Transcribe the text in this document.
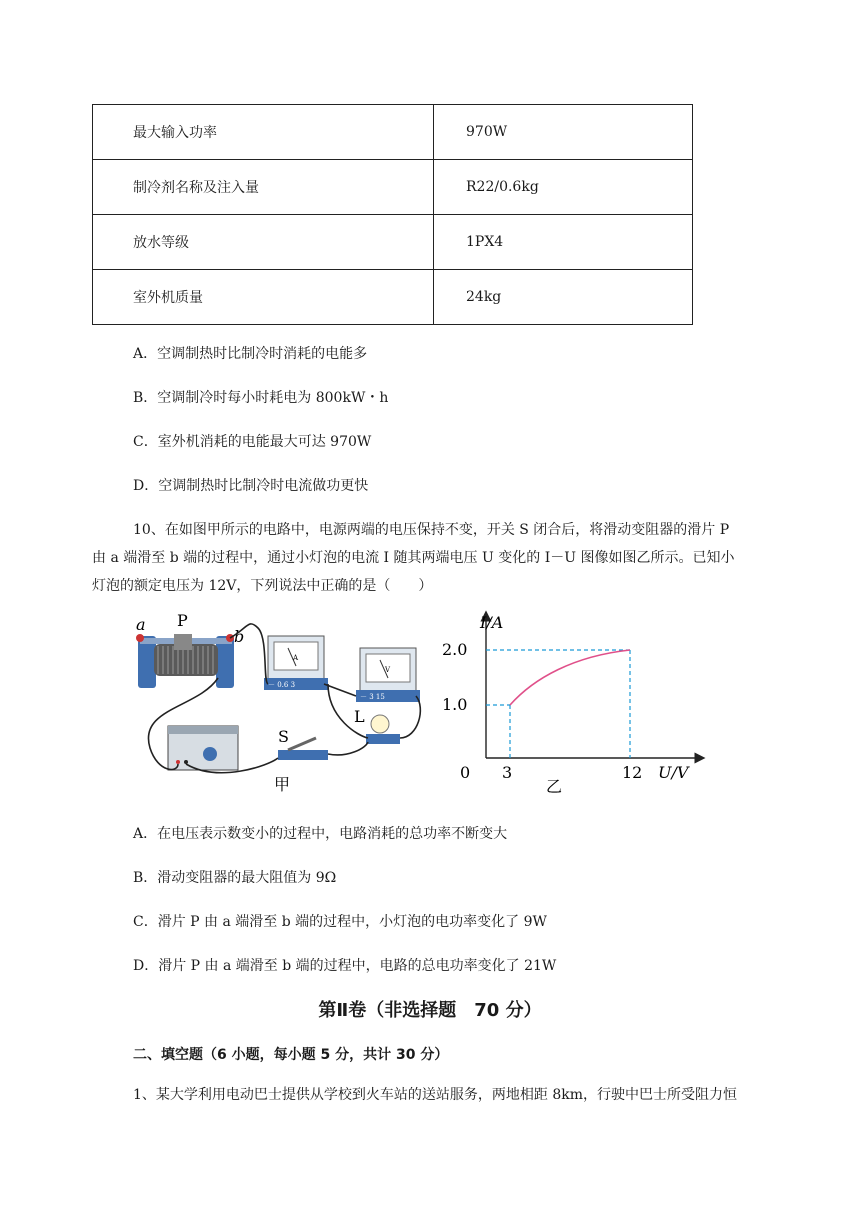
最大输入功率	970W
制冷剂名称及注入量	R22/0.6kg
放水等级	1PX4
室外机质量	24kg
A．空调制热时比制冷时消耗的电能多
B．空调制冷时每小时耗电为 800kW・h
C．室外机消耗的电能最大可达 970W
D．空调制热时比制冷时电流做功更快
10、在如图甲所示的电路中，电源两端的电压保持不变，开关 S 闭合后，将滑动变阻器的滑片 P
由 a 端滑至 b 端的过程中，通过小灯泡的电流 I 随其两端电压 U 变化的 I－U 图像如图乙所示。已知小
灯泡的额定电压为 12V，下列说法中正确的是（　　）
a P
b
A
－ 0.6 3
V
－ 3 15
L
S
甲
I/A
U/V
0 3	12
1.0
2.0
乙
A．在电压表示数变小的过程中，电路消耗的总功率不断变大
B．滑动变阻器的最大阻值为 9Ω
C．滑片 P 由 a 端滑至 b 端的过程中，小灯泡的电功率变化了 9W
D．滑片 P 由 a 端滑至 b 端的过程中，电路的总电功率变化了 21W
第Ⅱ卷（非选择题　70 分）
二、填空题（6 小题，每小题 5 分，共计 30 分）
1、某大学利用电动巴士提供从学校到火车站的送站服务，两地相距 8km，行驶中巴士所受阻力恒
